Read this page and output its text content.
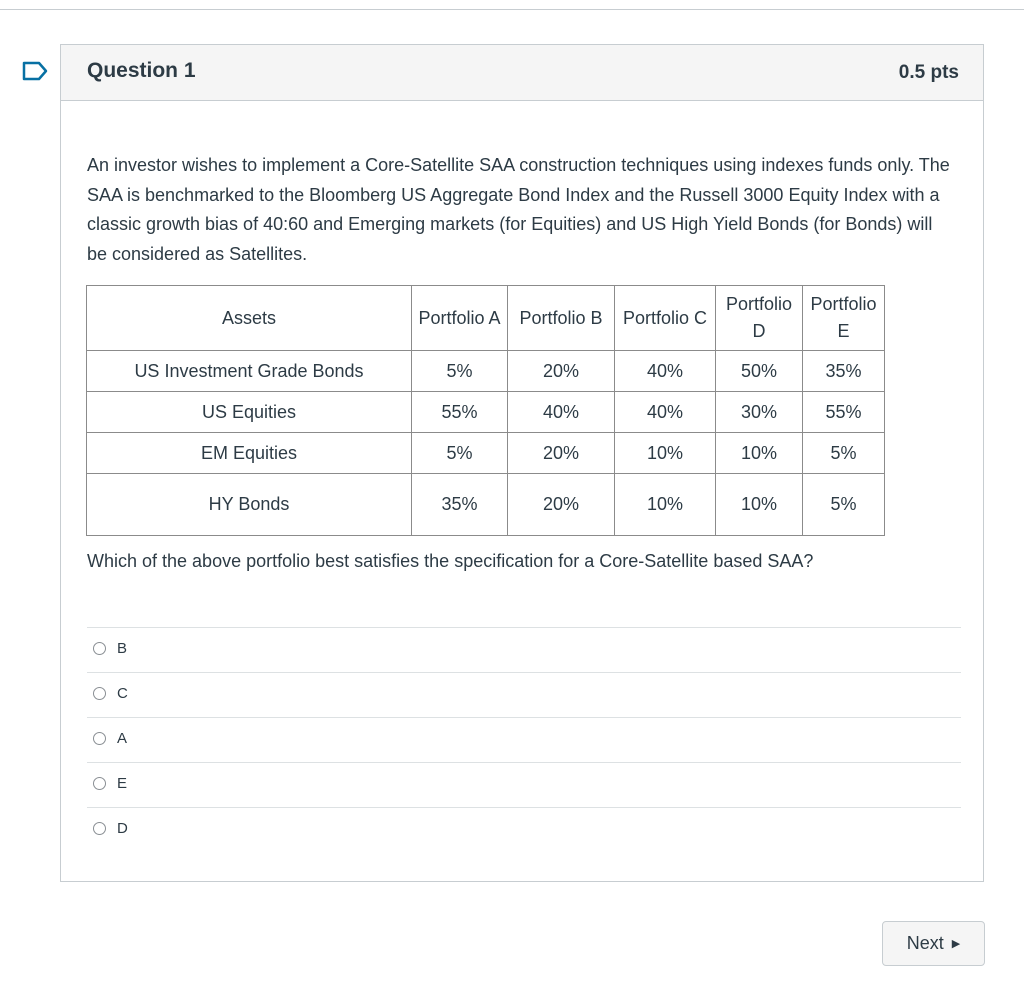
Question 1	0.5 pts
An investor wishes to implement a Core-Satellite SAA construction techniques using indexes funds only. The SAA is benchmarked to the Bloomberg US Aggregate Bond Index and the Russell 3000 Equity Index with a classic growth bias of 40:60 and Emerging markets (for Equities) and US High Yield Bonds (for Bonds) will be considered as Satellites.
Assets	Portfolio A	Portfolio B	Portfolio C	Portfolio D	Portfolio E
US Investment Grade Bonds	5%	20%	40%	50%	35%
US Equities	55%	40%	40%	30%	55%
EM Equities	5%	20%	10%	10%	5%
HY Bonds	35%	20%	10%	10%	5%
Which of the above portfolio best satisfies the specification for a Core-Satellite based SAA?
B
C
A
E
D
Next ▶
